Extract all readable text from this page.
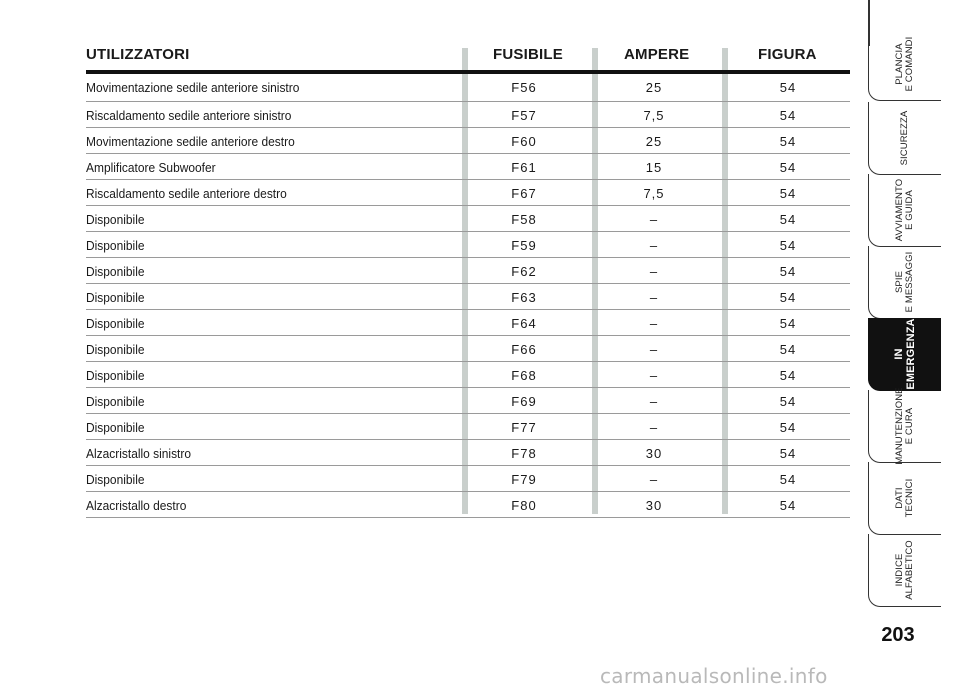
UTILIZZATORI	FUSIBILE	AMPERE	FIGURA
Movimentazione sedile anteriore sinistro	F56	25	54
Riscaldamento sedile anteriore sinistro	F57	7,5	54
Movimentazione sedile anteriore destro	F60	25	54
Amplificatore Subwoofer	F61	15	54
Riscaldamento sedile anteriore destro	F67	7,5	54
Disponibile	F58	–	54
Disponibile	F59	–	54
Disponibile	F62	–	54
Disponibile	F63	–	54
Disponibile	F64	–	54
Disponibile	F66	–	54
Disponibile	F68	–	54
Disponibile	F69	–	54
Disponibile	F77	–	54
Alzacristallo sinistro	F78	30	54
Disponibile	F79	–	54
Alzacristallo destro	F80	30	54
PLANCIA E COMANDI
SICUREZZA
AVVIAMENTO E GUIDA
SPIE E MESSAGGI
IN EMERGENZA
MANUTENZIONE E CURA
DATI TECNICI
INDICE ALFABETICO
203
carmanualsonline.info
